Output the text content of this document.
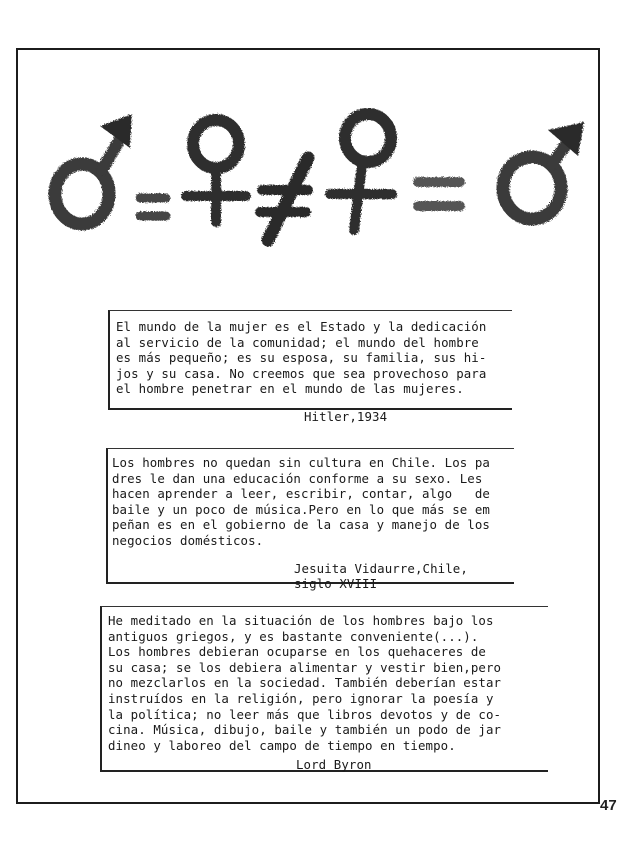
El mundo de la mujer es el Estado y la dedicación
al servicio de la comunidad; el mundo del hombre
es más pequeño; es su esposa, su familia, sus hi-
jos y su casa. No creemos que sea provechoso para
el hombre penetrar en el mundo de las mujeres.
Hitler,1934
Los hombres no quedan sin cultura en Chile. Los pa
dres le dan una educación conforme a su sexo. Les
hacen aprender a leer, escribir, contar, algo   de
baile y un poco de música.Pero en lo que más se em
peñan es en el gobierno de la casa y manejo de los
negocios domésticos.
Jesuita Vidaurre,Chile,
siglo XVIII
He meditado en la situación de los hombres bajo los
antiguos griegos, y es bastante conveniente(...).
Los hombres debieran ocuparse en los quehaceres de
su casa; se los debiera alimentar y vestir bien,pero
no mezclarlos en la sociedad. También deberían estar
instruídos en la religión, pero ignorar la poesía y
la política; no leer más que libros devotos y de co-
cina. Música, dibujo, baile y también un podo de jar
dineo y laboreo del campo de tiempo en tiempo.
Lord Byron
47
